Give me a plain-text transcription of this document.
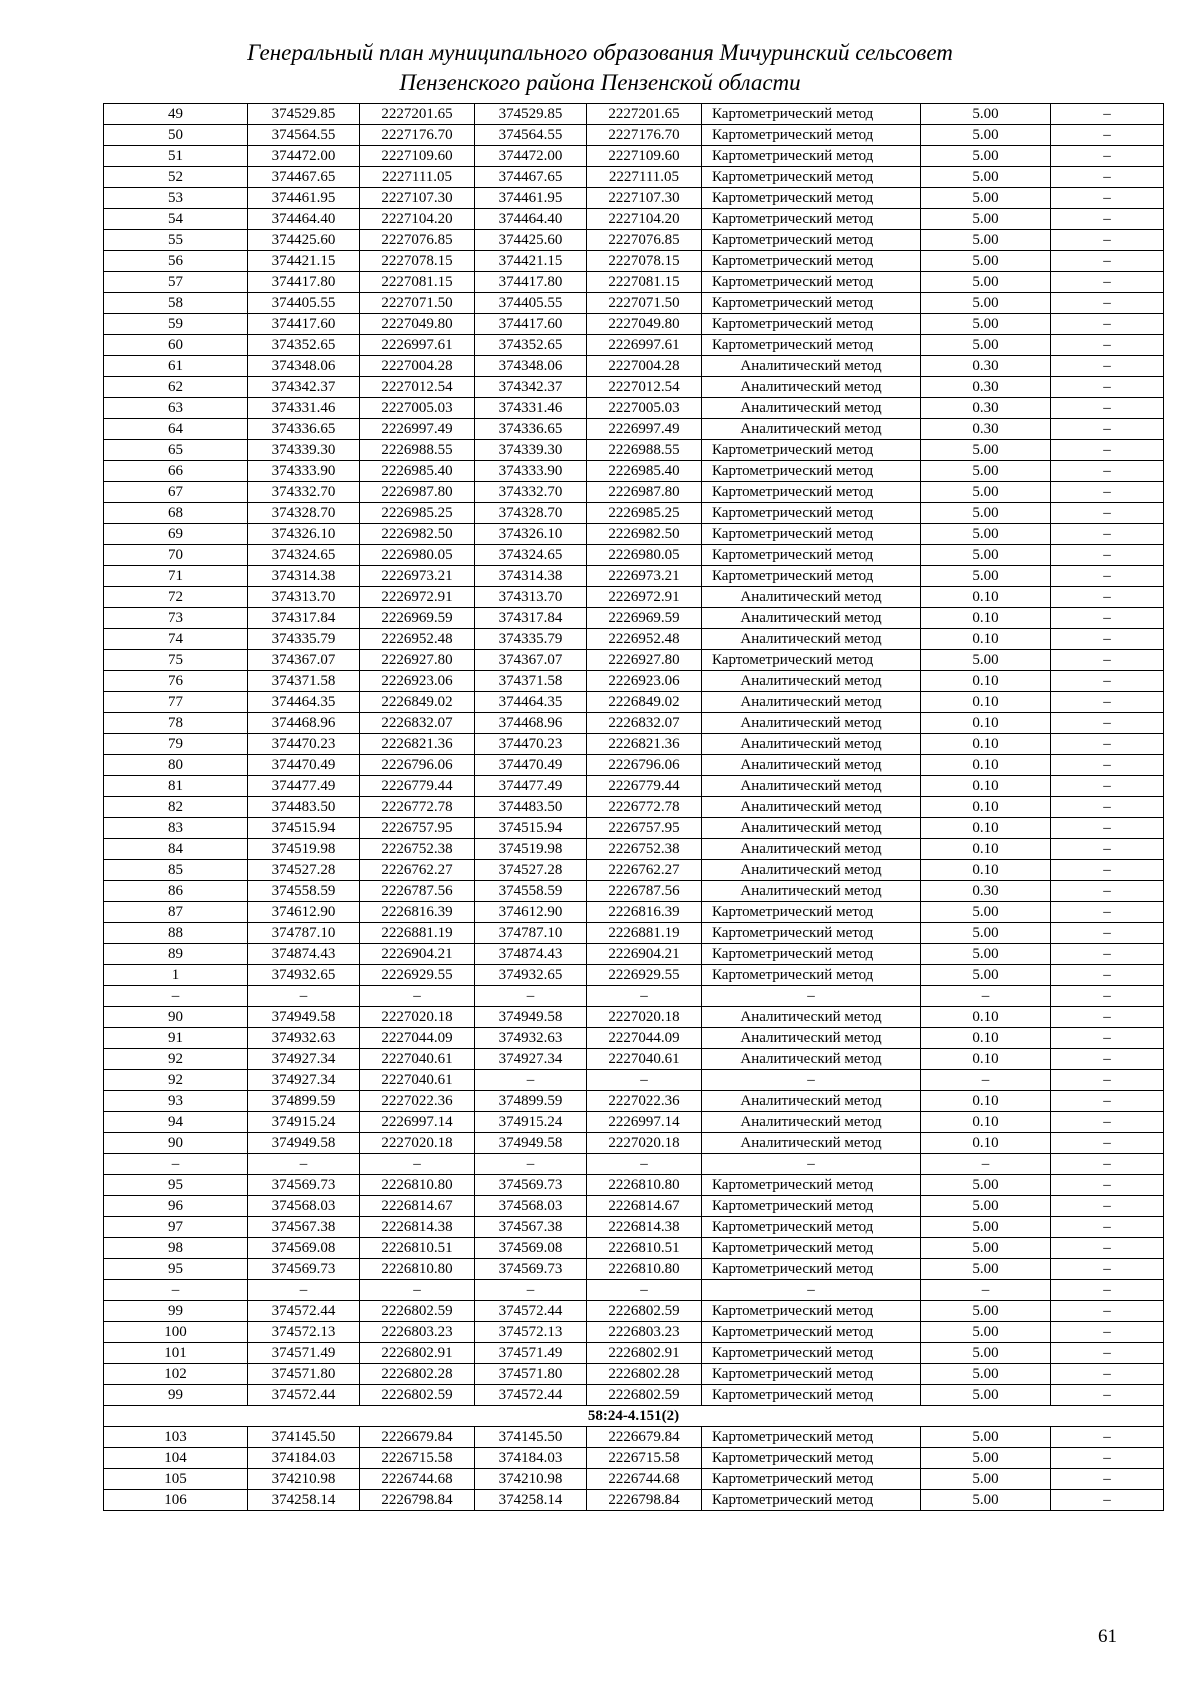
Генеральный план муниципального образования Мичуринский сельсовет
Пензенского района Пензенской области
49	374529.85	2227201.65	374529.85	2227201.65	Картометрический метод	5.00	–
50	374564.55	2227176.70	374564.55	2227176.70	Картометрический метод	5.00	–
51	374472.00	2227109.60	374472.00	2227109.60	Картометрический метод	5.00	–
52	374467.65	2227111.05	374467.65	2227111.05	Картометрический метод	5.00	–
53	374461.95	2227107.30	374461.95	2227107.30	Картометрический метод	5.00	–
54	374464.40	2227104.20	374464.40	2227104.20	Картометрический метод	5.00	–
55	374425.60	2227076.85	374425.60	2227076.85	Картометрический метод	5.00	–
56	374421.15	2227078.15	374421.15	2227078.15	Картометрический метод	5.00	–
57	374417.80	2227081.15	374417.80	2227081.15	Картометрический метод	5.00	–
58	374405.55	2227071.50	374405.55	2227071.50	Картометрический метод	5.00	–
59	374417.60	2227049.80	374417.60	2227049.80	Картометрический метод	5.00	–
60	374352.65	2226997.61	374352.65	2226997.61	Картометрический метод	5.00	–
61	374348.06	2227004.28	374348.06	2227004.28	Аналитический метод	0.30	–
62	374342.37	2227012.54	374342.37	2227012.54	Аналитический метод	0.30	–
63	374331.46	2227005.03	374331.46	2227005.03	Аналитический метод	0.30	–
64	374336.65	2226997.49	374336.65	2226997.49	Аналитический метод	0.30	–
65	374339.30	2226988.55	374339.30	2226988.55	Картометрический метод	5.00	–
66	374333.90	2226985.40	374333.90	2226985.40	Картометрический метод	5.00	–
67	374332.70	2226987.80	374332.70	2226987.80	Картометрический метод	5.00	–
68	374328.70	2226985.25	374328.70	2226985.25	Картометрический метод	5.00	–
69	374326.10	2226982.50	374326.10	2226982.50	Картометрический метод	5.00	–
70	374324.65	2226980.05	374324.65	2226980.05	Картометрический метод	5.00	–
71	374314.38	2226973.21	374314.38	2226973.21	Картометрический метод	5.00	–
72	374313.70	2226972.91	374313.70	2226972.91	Аналитический метод	0.10	–
73	374317.84	2226969.59	374317.84	2226969.59	Аналитический метод	0.10	–
74	374335.79	2226952.48	374335.79	2226952.48	Аналитический метод	0.10	–
75	374367.07	2226927.80	374367.07	2226927.80	Картометрический метод	5.00	–
76	374371.58	2226923.06	374371.58	2226923.06	Аналитический метод	0.10	–
77	374464.35	2226849.02	374464.35	2226849.02	Аналитический метод	0.10	–
78	374468.96	2226832.07	374468.96	2226832.07	Аналитический метод	0.10	–
79	374470.23	2226821.36	374470.23	2226821.36	Аналитический метод	0.10	–
80	374470.49	2226796.06	374470.49	2226796.06	Аналитический метод	0.10	–
81	374477.49	2226779.44	374477.49	2226779.44	Аналитический метод	0.10	–
82	374483.50	2226772.78	374483.50	2226772.78	Аналитический метод	0.10	–
83	374515.94	2226757.95	374515.94	2226757.95	Аналитический метод	0.10	–
84	374519.98	2226752.38	374519.98	2226752.38	Аналитический метод	0.10	–
85	374527.28	2226762.27	374527.28	2226762.27	Аналитический метод	0.10	–
86	374558.59	2226787.56	374558.59	2226787.56	Аналитический метод	0.30	–
87	374612.90	2226816.39	374612.90	2226816.39	Картометрический метод	5.00	–
88	374787.10	2226881.19	374787.10	2226881.19	Картометрический метод	5.00	–
89	374874.43	2226904.21	374874.43	2226904.21	Картометрический метод	5.00	–
1	374932.65	2226929.55	374932.65	2226929.55	Картометрический метод	5.00	–
–	–	–	–	–	–	–	–
90	374949.58	2227020.18	374949.58	2227020.18	Аналитический метод	0.10	–
91	374932.63	2227044.09	374932.63	2227044.09	Аналитический метод	0.10	–
92	374927.34	2227040.61	374927.34	2227040.61	Аналитический метод	0.10	–
92	374927.34	2227040.61	–	–	–	–	–
93	374899.59	2227022.36	374899.59	2227022.36	Аналитический метод	0.10	–
94	374915.24	2226997.14	374915.24	2226997.14	Аналитический метод	0.10	–
90	374949.58	2227020.18	374949.58	2227020.18	Аналитический метод	0.10	–
–	–	–	–	–	–	–	–
95	374569.73	2226810.80	374569.73	2226810.80	Картометрический метод	5.00	–
96	374568.03	2226814.67	374568.03	2226814.67	Картометрический метод	5.00	–
97	374567.38	2226814.38	374567.38	2226814.38	Картометрический метод	5.00	–
98	374569.08	2226810.51	374569.08	2226810.51	Картометрический метод	5.00	–
95	374569.73	2226810.80	374569.73	2226810.80	Картометрический метод	5.00	–
–	–	–	–	–	–	–	–
99	374572.44	2226802.59	374572.44	2226802.59	Картометрический метод	5.00	–
100	374572.13	2226803.23	374572.13	2226803.23	Картометрический метод	5.00	–
101	374571.49	2226802.91	374571.49	2226802.91	Картометрический метод	5.00	–
102	374571.80	2226802.28	374571.80	2226802.28	Картометрический метод	5.00	–
99	374572.44	2226802.59	374572.44	2226802.59	Картометрический метод	5.00	–
58:24-4.151(2)							
103	374145.50	2226679.84	374145.50	2226679.84	Картометрический метод	5.00	–
104	374184.03	2226715.58	374184.03	2226715.58	Картометрический метод	5.00	–
105	374210.98	2226744.68	374210.98	2226744.68	Картометрический метод	5.00	–
106	374258.14	2226798.84	374258.14	2226798.84	Картометрический метод	5.00	–
61
